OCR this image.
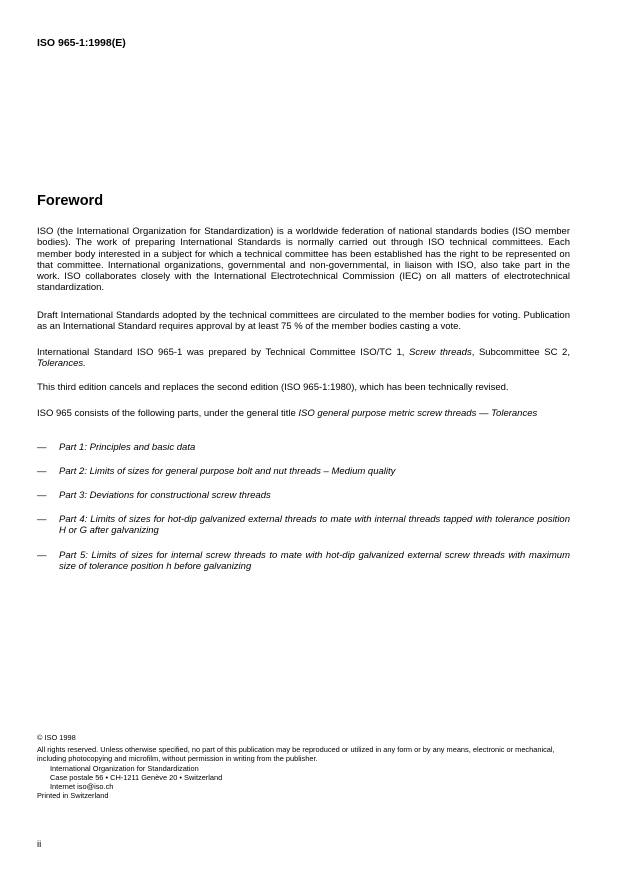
ISO 965-1:1998(E)
Foreword

ISO (the International Organization for Standardization) is a worldwide federation of national standards bodies (ISO member bodies). The work of preparing International Standards is normally carried out through ISO technical committees. Each member body interested in a subject for which a technical committee has been established has the right to be represented on that committee. International organizations, governmental and non-governmental, in liaison with ISO, also take part in the work. ISO collaborates closely with the International Electrotechnical Commission (IEC) on all matters of electrotechnical standardization.

Draft International Standards adopted by the technical committees are circulated to the member bodies for voting. Publication as an International Standard requires approval by at least 75 % of the member bodies casting a vote.

International Standard ISO 965-1 was prepared by Technical Committee ISO/TC 1, Screw threads, Subcommittee SC 2, Tolerances.

This third edition cancels and replaces the second edition (ISO 965-1:1980), which has been technically revised.

ISO 965 consists of the following parts, under the general title ISO general purpose metric screw threads — Tolerances

— Part 1: Principles and basic data
— Part 2: Limits of sizes for general purpose bolt and nut threads – Medium quality
— Part 3: Deviations for constructional screw threads
— Part 4: Limits of sizes for hot-dip galvanized external threads to mate with internal threads tapped with tolerance position H or G after galvanizing
— Part 5: Limits of sizes for internal screw threads to mate with hot-dip galvanized external screw threads with maximum size of tolerance position h before galvanizing
© ISO 1998
All rights reserved. Unless otherwise specified, no part of this publication may be reproduced or utilized in any form or by any means, electronic or mechanical, including photocopying and microfilm, without permission in writing from the publisher.
International Organization for Standardization
Case postale 56 • CH-1211 Genève 20 • Switzerland
Internet iso@iso.ch
Printed in Switzerland
ii
